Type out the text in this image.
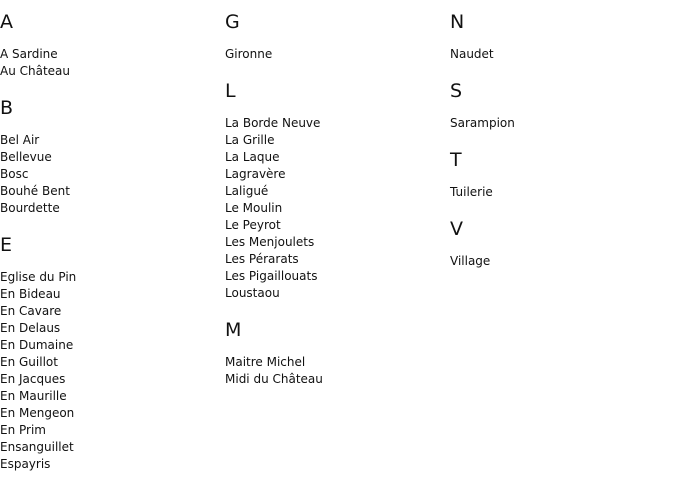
A
A Sardine
Au Château
B
Bel Air
Bellevue
Bosc
Bouhé Bent
Bourdette
E
Eglise du Pin
En Bideau
En Cavare
En Delaus
En Dumaine
En Guillot
En Jacques
En Maurille
En Mengeon
En Prim
Ensanguillet
Espayris
G
Gironne
L
La Borde Neuve
La Grille
La Laque
Lagravère
Laligué
Le Moulin
Le Peyrot
Les Menjoulets
Les Pérarats
Les Pigaillouats
Loustaou
M
Maitre Michel
Midi du Château
N
Naudet
S
Sarampion
T
Tuilerie
V
Village
